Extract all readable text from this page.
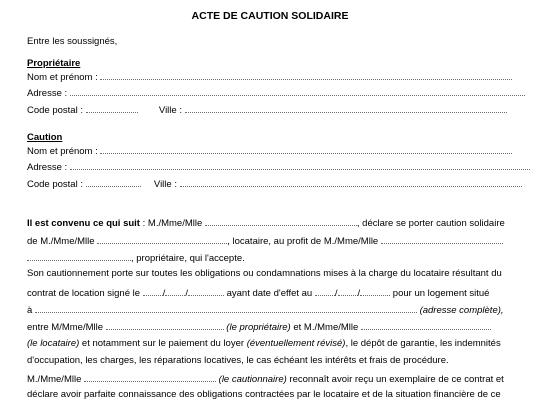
ACTE DE CAUTION SOLIDAIRE
Entre les soussignés,
Propriétaire
Nom et prénom :
Adresse :
Code postal :	Ville :
Caution
Nom et prénom :
Adresse :
Code postal :	Ville :
Il est convenu ce qui suit : M./Mme/Mlle	, déclare se porter caution solidaire
de M./Mme/Mlle	, locataire, au profit de M./Mme/Mlle
, propriétaire, qui l'accepte.
Son cautionnement porte sur toutes les obligations ou condamnations mises à la charge du locataire résultant du
contrat de location signé le / /	ayant date d'effet au / /	pour un logement situé
à	(adresse complète),
entre M/Mme/Mlle	(le propriétaire) et M./Mme/Mlle
(le locataire) et notamment sur le paiement du loyer (éventuellement révisé), le dépôt de garantie, les indemnités
d'occupation, les charges, les réparations locatives, le cas échéant les intérêts et frais de procédure.
M./Mme/Mlle	(le cautionnaire) reconnaît avoir reçu un exemplaire de ce contrat et
déclare avoir parfaite connaissance des obligations contractées par le locataire et de la situation financière de ce
